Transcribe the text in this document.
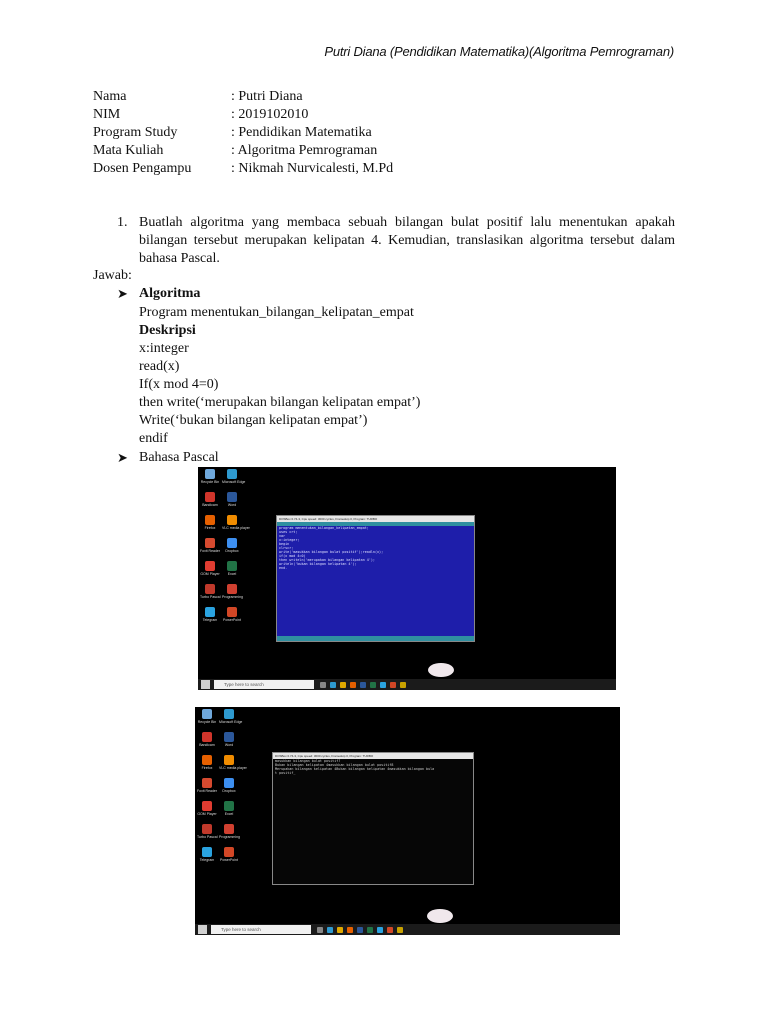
Putri Diana (Pendidikan Matematika)(Algoritma Pemrograman)
Nama	: Putri Diana
NIM	: 2019102010
Program Study	: Pendidikan Matematika
Mata Kuliah	: Algoritma Pemrograman
Dosen Pengampu	: Nikmah Nurvicalesti, M.Pd
1. Buatlah algoritma yang membaca sebuah bilangan bulat positif lalu menentukan apakah bilangan tersebut merupakan kelipatan 4. Kemudian, translasikan algoritma tersebut dalam bahasa Pascal.
Jawab:
➤ Algoritma
Program menentukan_bilangan_kelipatan_empat
Deskripsi
x:integer
read(x)
If(x mod 4=0)
then write(‘merupakan bilangan kelipatan empat’)
Write(‘bukan bilangan kelipatan empat’)
endif
➤ Bahasa Pascal
Recycle Bin Microsoft Edge
Bandicam	Word
Firefox	VLC media player
Foxit Reader	Dropbox
GOM Player	Excel
Turbo Pascal Programming
Telegram	PowerPoint
DOSBox 0.74-3, Cpu speed: 3000 cycles, Frameskip 0, Program: TURBO
program menentukan_bilangan_kelipatan_empat;
uses crt;
var
x:integer;
begin
clrscr;
write('masukkan bilangan bulat positif');readln(x);
if(x mod 4=0)
then writeln('merupakan bilangan kelipatan 4');
writeln('bukan bilangan kelipatan 4');
end.
Type here to search
Recycle Bin Microsoft Edge
Bandicam	Word
Firefox	VLC media player
Foxit Reader	Dropbox
GOM Player	Excel
Turbo Pascal Programming
Telegram	PowerPoint
DOSBox 0.74-3, Cpu speed: 3000 cycles, Frameskip 0, Program: TURBO
masukkan bilangan bulat positif7
Bukan bilangan kelipatan 4masukkan bilangan bulat positif8
Merupakan bilangan kelipatan 4Bukan bilangan kelipatan 4masukkan bilangan bula
t positif_
Type here to search
